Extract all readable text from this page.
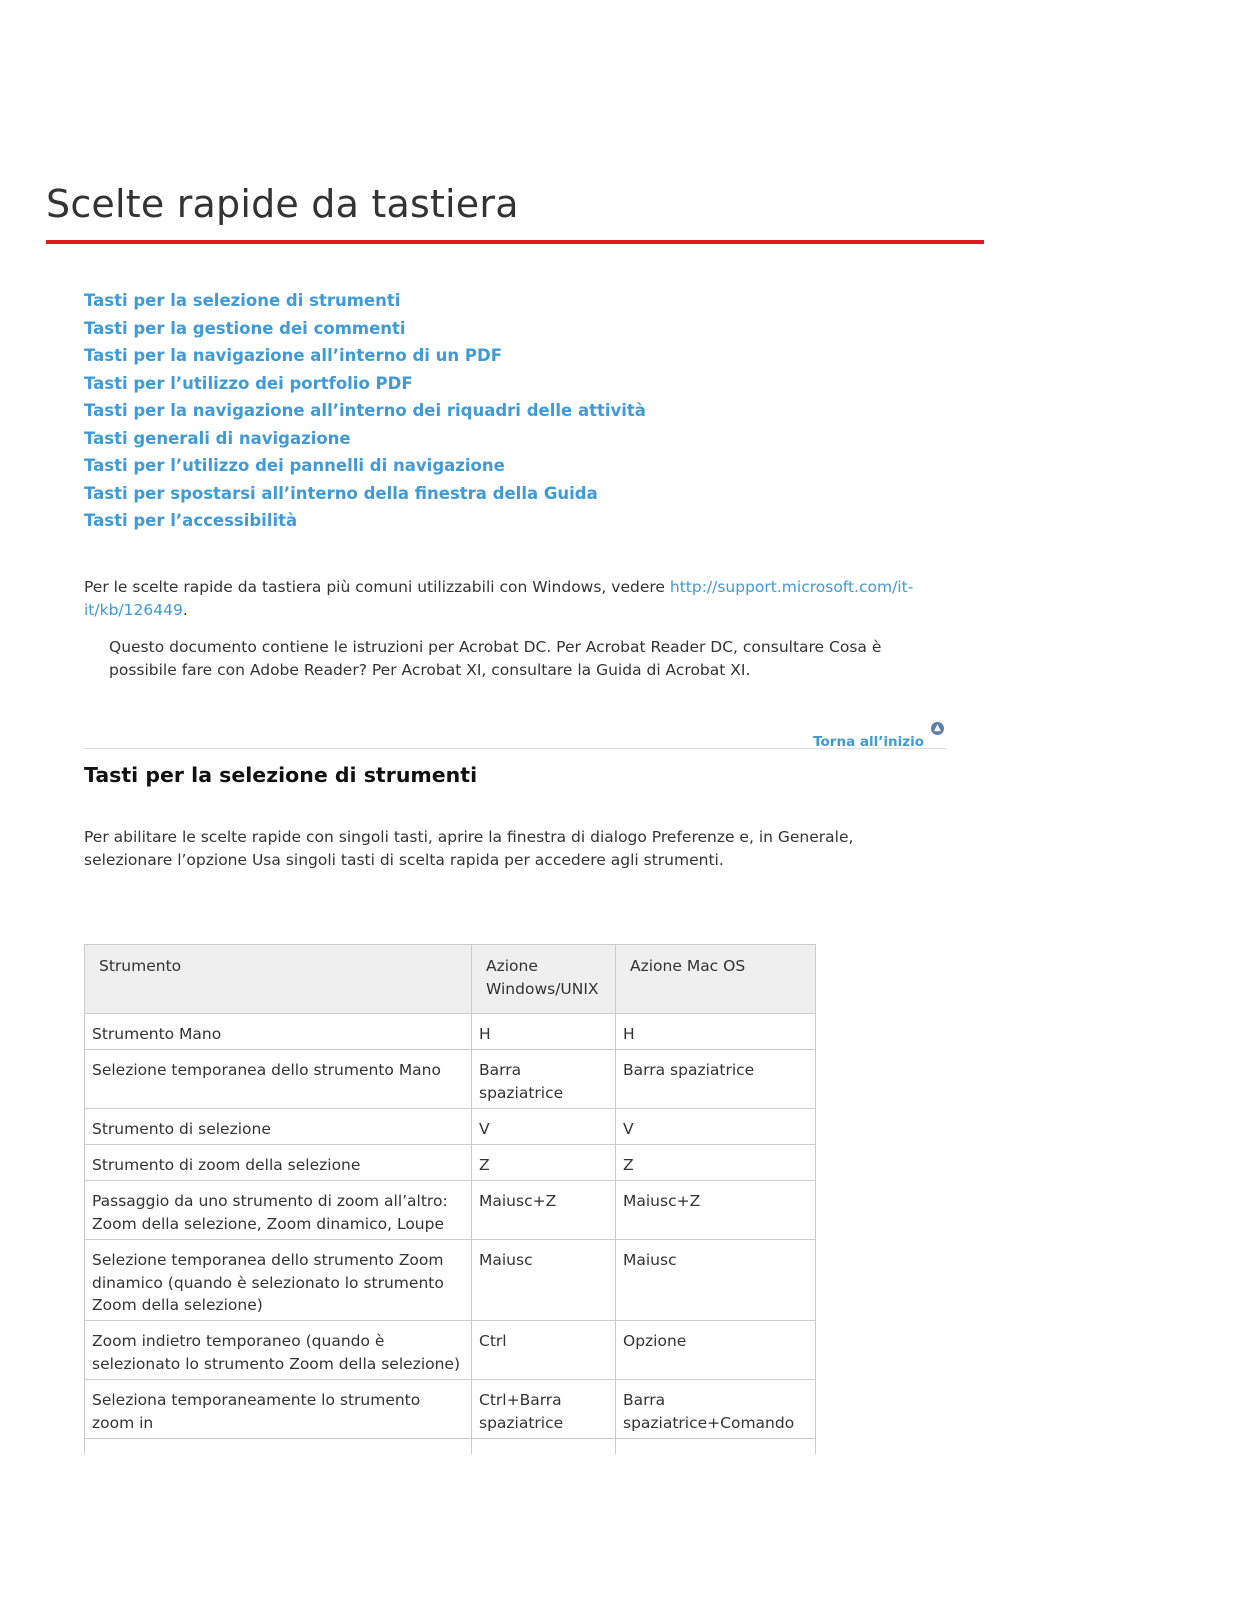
Scelte rapide da tastiera
Tasti per la selezione di strumenti
Tasti per la gestione dei commenti
Tasti per la navigazione all’interno di un PDF
Tasti per l’utilizzo dei portfolio PDF
Tasti per la navigazione all’interno dei riquadri delle attività
Tasti generali di navigazione
Tasti per l’utilizzo dei pannelli di navigazione
Tasti per spostarsi all’interno della finestra della Guida
Tasti per l’accessibilità

Per le scelte rapide da tastiera più comuni utilizzabili con Windows, vedere http://support.microsoft.com/it-it/kb/126449.

Questo documento contiene le istruzioni per Acrobat DC. Per Acrobat Reader DC, consultare Cosa è possibile fare con Adobe Reader? Per Acrobat XI, consultare la Guida di Acrobat XI.

Torna all’inizio
▲
Tasti per la selezione di strumenti

Per abilitare le scelte rapide con singoli tasti, aprire la finestra di dialogo Preferenze e, in Generale, selezionare l’opzione Usa singoli tasti di scelta rapida per accedere agli strumenti.

Strumento	Azione Windows/UNIX	Azione Mac OS
Strumento Mano	H	H
Selezione temporanea dello strumento Mano	Barra spaziatrice	Barra spaziatrice
Strumento di selezione	V	V
Strumento di zoom della selezione	Z	Z
Passaggio da uno strumento di zoom all’altro: Zoom della selezione, Zoom dinamico, Loupe	Maiusc+Z	Maiusc+Z
Selezione temporanea dello strumento Zoom dinamico (quando è selezionato lo strumento Zoom della selezione)	Maiusc	Maiusc
Zoom indietro temporaneo (quando è selezionato lo strumento Zoom della selezione)	Ctrl	Opzione
Seleziona temporaneamente lo strumento zoom in	Ctrl+Barra spaziatrice	Barra spaziatrice+Comando
